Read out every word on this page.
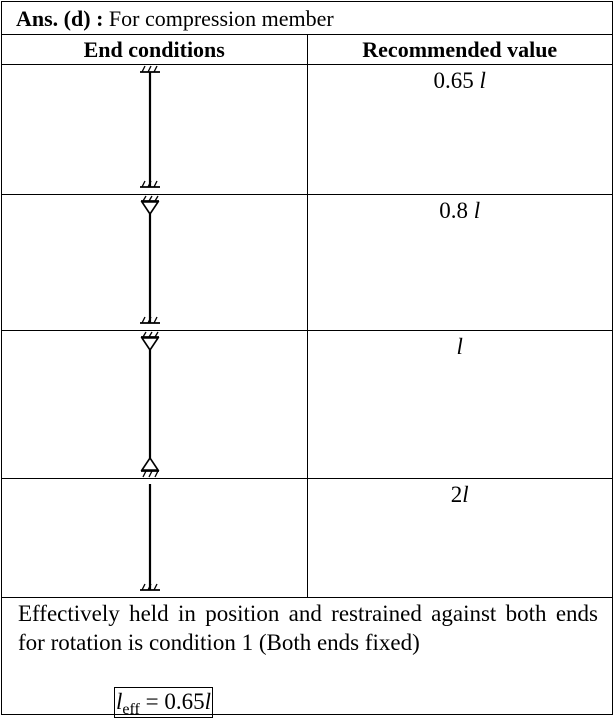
Ans. (d) : For compression member
End conditions	Recommended value

0.65 l

0.8 l

l

2l

Effectively held in position and restrained against both ends for rotation is condition 1 (Both ends fixed)

$l_{eff} = 0.65l$
